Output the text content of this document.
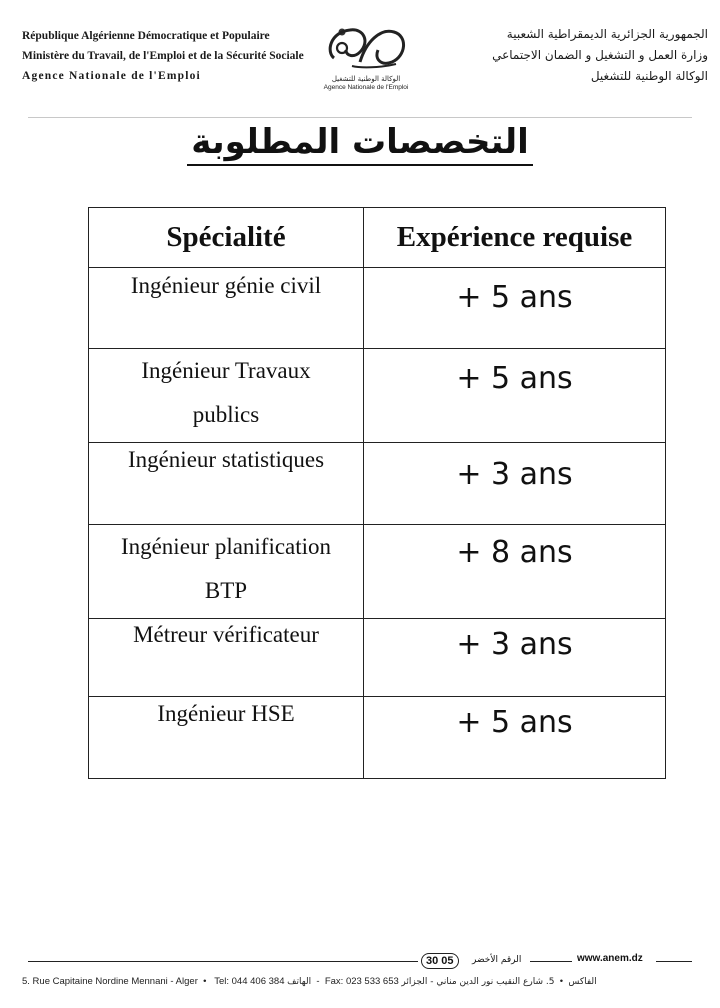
République Algérienne Démocratique et Populaire
Ministère du Travail, de l'Emploi et de la Sécurité Sociale
Agence Nationale de l'Emploi	الوكالة الوطنية للتشغيل
Agence Nationale de l'Emploi
الجمهورية الجزائرية الديمقراطية الشعبية
وزارة العمل و التشغيل و الضمان الاجتماعي
الوكالة الوطنية للتشغيل
التخصصات المطلوبة
Spécialité	Expérience requise

Ingénieur génie civil	+ 5 ans

Ingénieur Travaux
publics	+ 5 ans

Ingénieur statistiques	+ 3 ans

Ingénieur planification
BTP	+ 8 ans

Métreur vérificateur	+ 3 ans

Ingénieur HSE	+ 5 ans
30 05	الرقم الأخضر	www.anem.dz
5. Rue Capitaine Nordine Mennani - Alger  •   Tel: 044 406 384 الهاتف  -  Fax: 023 533 653	الفاكس  •  5. شارع النقيب نور الدين مناني - الجزائر
